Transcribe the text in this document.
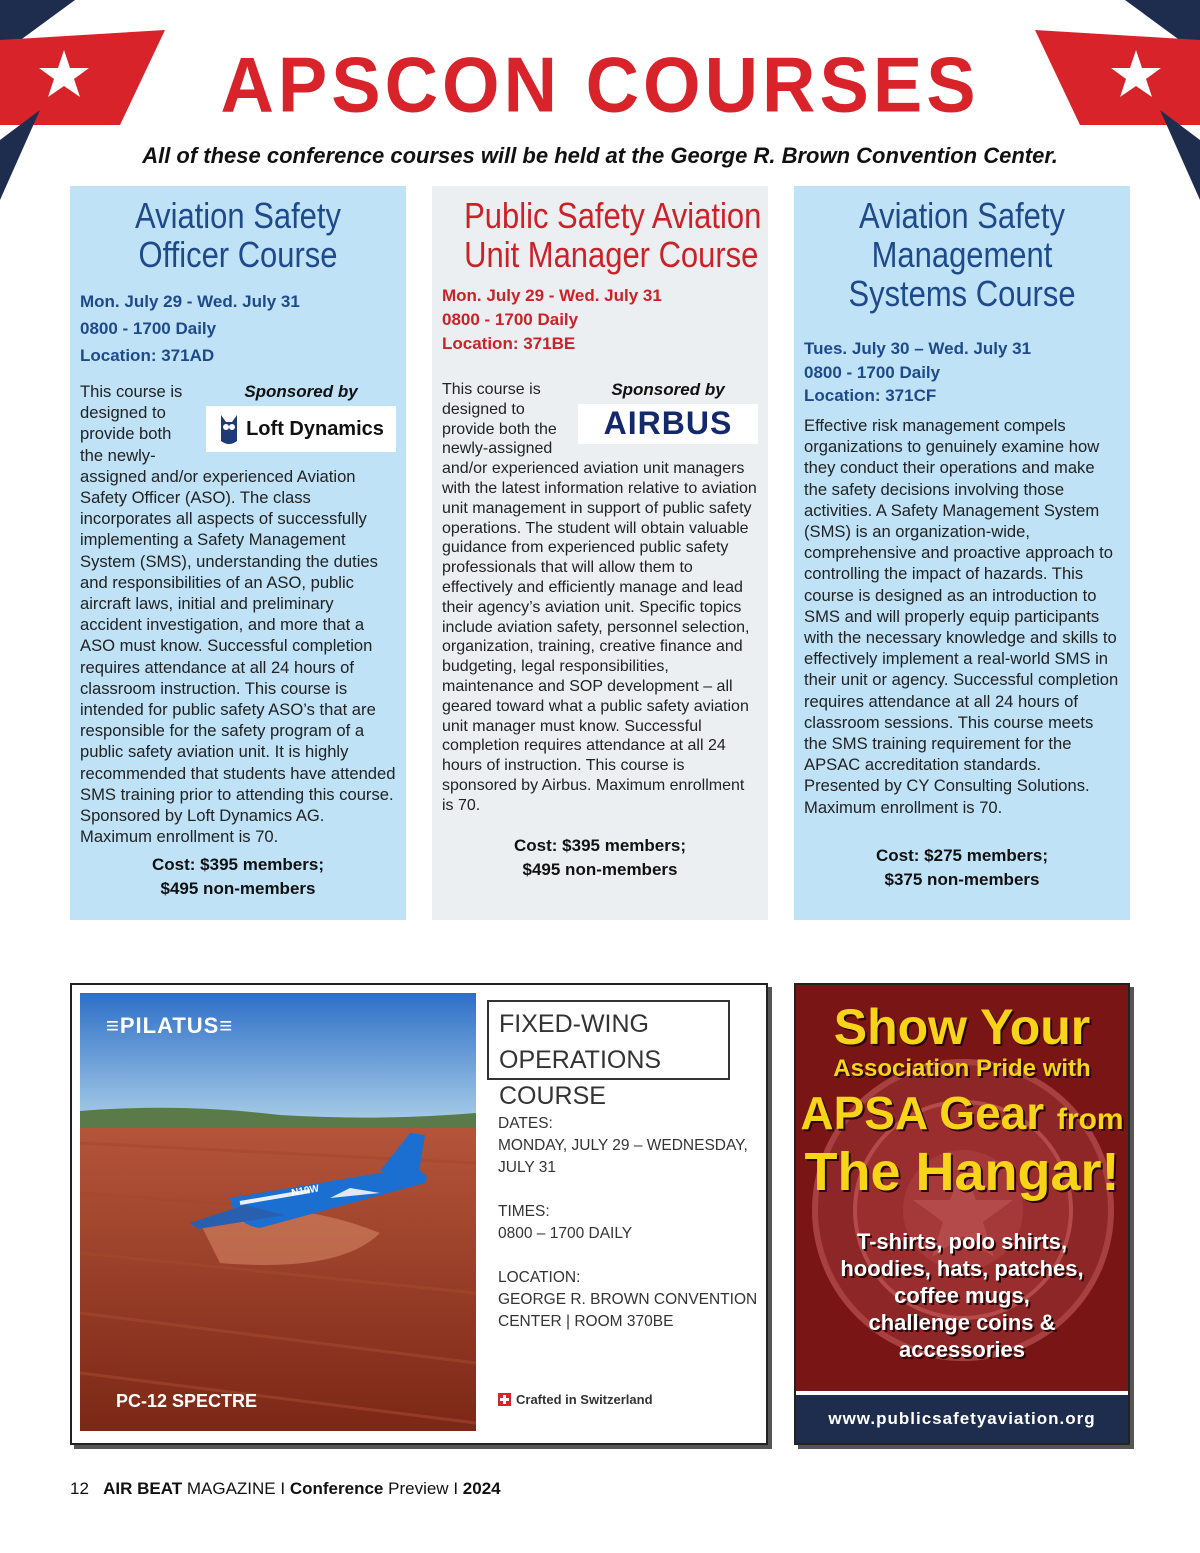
APSCON COURSES
All of these conference courses will be held at the George R. Brown Convention Center.
Aviation Safety
Officer Course
Mon. July 29 - Wed. July 31
0800 - 1700 Daily
Location: 371AD
Sponsored by
Loft Dynamics
This course is designed to provide both the newly-assigned and/or experienced Aviation Safety Officer (ASO). The class incorporates all aspects of successfully implementing a Safety Management System (SMS), understanding the duties and responsibilities of an ASO, public aircraft laws, initial and preliminary accident investigation, and more that a ASO must know. Successful completion requires attendance at all 24 hours of classroom instruction. This course is intended for public safety ASO’s that are responsible for the safety program of a public safety aviation unit. It is highly recommended that students have attended SMS training prior to attending this course. Sponsored by Loft Dynamics AG. Maximum enrollment is 70.
Cost: $395 members;
$495 non-members
Public Safety Aviation
Unit Manager Course
Mon. July 29 - Wed. July 31
0800 - 1700 Daily
Location: 371BE
Sponsored by
AIRBUS
This course is designed to provide both the newly-assigned and/or experienced aviation unit managers with the latest information relative to aviation unit management in support of public safety operations. The student will obtain valuable guidance from experienced public safety professionals that will allow them to effectively and efficiently manage and lead their agency’s aviation unit. Specific topics include aviation safety, personnel selection, organization, training, creative finance and budgeting, legal responsibilities, maintenance and SOP development – all geared toward what a public safety aviation unit manager must know. Successful completion requires attendance at all 24 hours of instruction. This course is sponsored by Airbus. Maximum enrollment is 70.
Cost: $395 members;
$495 non-members
Aviation Safety
Management
Systems Course
Tues. July 30 – Wed. July 31
0800 - 1700 Daily
Location: 371CF
Effective risk management compels organizations to genuinely examine how they conduct their operations and make the safety decisions involving those activities. A Safety Management System (SMS) is an organization-wide, comprehensive and proactive approach to controlling the impact of hazards. This course is designed as an introduction to SMS and will properly equip participants with the necessary knowledge and skills to effectively implement a real-world SMS in their unit or agency. Successful completion requires attendance at all 24 hours of classroom sessions. This course meets the SMS training requirement for the APSAC accreditation standards. Presented by CY Consulting Solutions. Maximum enrollment is 70.
Cost: $275 members;
$375 non-members
N10W
≡PILATUS≡
PC-12 SPECTRE
FIXED-WING
OPERATIONS COURSE
DATES:
MONDAY, JULY 29 – WEDNESDAY,
JULY 31
TIMES:
0800 – 1700 DAILY
LOCATION:
GEORGE R. BROWN CONVENTION
CENTER | ROOM 370BE
Crafted in Switzerland
Show Your
Association Pride with
APSA Gear from
The Hangar!
T-shirts, polo shirts,
hoodies, hats, patches,
coffee mugs,
challenge coins &
accessories
www.publicsafetyaviation.org
12 AIR BEAT MAGAZINE I Conference Preview I 2024
